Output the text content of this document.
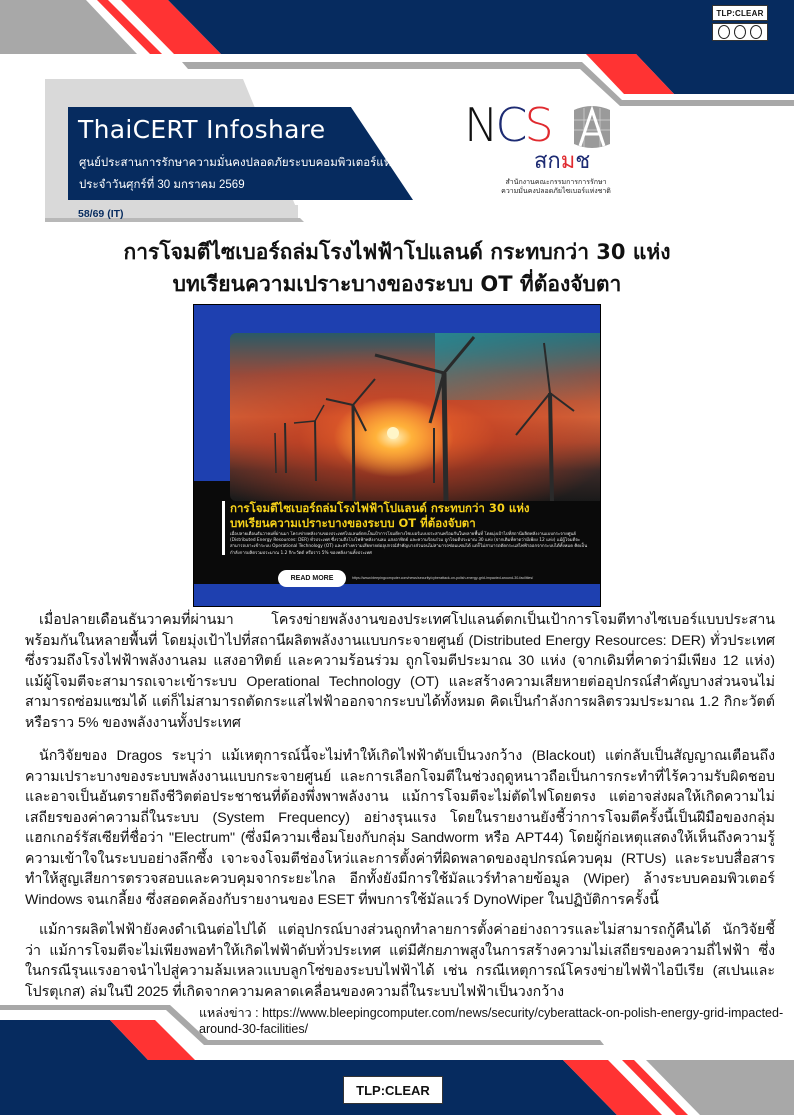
TLP:CLEAR
ThaiCERT Infoshare
ศูนย์ประสานการรักษาความมั่นคงปลอดภัยระบบคอมพิวเตอร์แห่งชาติ
ประจำวันศุกร์ที่ 30 มกราคม 2569
58/69 (IT)
NCS
สกมช
สำนักงานคณะกรรมการการรักษา
ความมั่นคงปลอดภัยไซเบอร์แห่งชาติ
การโจมตีไซเบอร์ถล่มโรงไฟฟ้าโปแลนด์ กระทบกว่า 30 แห่ง
บทเรียนความเปราะบางของระบบ OT ที่ต้องจับตา
การโจมตีไซเบอร์ถล่มโรงไฟฟ้าโปแลนด์ กระทบกว่า 30 แห่ง
บทเรียนความเปราะบางของระบบ OT ที่ต้องจับตา
เมื่อปลายเดือนธันวาคมที่ผ่านมา โครงข่ายพลังงานของประเทศโปแลนด์ตกเป็นเป้าการโจมตีทางไซเบอร์แบบประสานพร้อมกันในหลายพื้นที่ โดยมุ่งเป้าไปที่สถานีผลิตพลังงานแบบกระจายศูนย์ (Distributed Energy Resources: DER) ทั่วประเทศ ซึ่งรวมถึงโรงไฟฟ้าพลังงานลม แสงอาทิตย์ และความร้อนร่วม ถูกโจมตีประมาณ 30 แห่ง (จากเดิมที่คาดว่ามีเพียง 12 แห่ง) แม้ผู้โจมตีจะสามารถเจาะเข้าระบบ Operational Technology (OT) และสร้างความเสียหายต่ออุปกรณ์สำคัญบางส่วนจนไม่สามารถซ่อมแซมได้ แต่ก็ไม่สามารถตัดกระแสไฟฟ้าออกจากระบบได้ทั้งหมด คิดเป็นกำลังการผลิตรวมประมาณ 1.2 กิกะวัตต์ หรือราว 5% ของพลังงานทั้งประเทศ
READ MORE	https://www.bleepingcomputer.com/news/security/cyberattack-on-polish-energy-grid-impacted-around-30-facilities/
เมื่อปลายเดือนธันวาคมที่ผ่านมา โครงข่ายพลังงานของประเทศโปแลนด์ตกเป็นเป้าการโจมตีทางไซเบอร์แบบประสานพร้อมกันในหลายพื้นที่ โดยมุ่งเป้าไปที่สถานีผลิตพลังงานแบบกระจายศูนย์ (Distributed Energy Resources: DER) ทั่วประเทศ ซึ่งรวมถึงโรงไฟฟ้าพลังงานลม แสงอาทิตย์ และความร้อนร่วม ถูกโจมตีประมาณ 30 แห่ง (จากเดิมที่คาดว่ามีเพียง 12 แห่ง) แม้ผู้โจมตีจะสามารถเจาะเข้าระบบ Operational Technology (OT) และสร้างความเสียหายต่ออุปกรณ์สำคัญบางส่วนจนไม่สามารถซ่อมแซมได้ แต่ก็ไม่สามารถตัดกระแสไฟฟ้าออกจากระบบได้ทั้งหมด คิดเป็นกำลังการผลิตรวมประมาณ 1.2 กิกะวัตต์ หรือราว 5% ของพลังงานทั้งประเทศ
นักวิจัยของ Dragos ระบุว่า แม้เหตุการณ์นี้จะไม่ทำให้เกิดไฟฟ้าดับเป็นวงกว้าง (Blackout) แต่กลับเป็นสัญญาณเตือนถึงความเปราะบางของระบบพลังงานแบบกระจายศูนย์ และการเลือกโจมตีในช่วงฤดูหนาวถือเป็นการกระทำที่ไร้ความรับผิดชอบและอาจเป็นอันตรายถึงชีวิตต่อประชาชนที่ต้องพึ่งพาพลังงาน แม้การโจมตีจะไม่ตัดไฟโดยตรง แต่อาจส่งผลให้เกิดความไม่เสถียรของค่าความถี่ในระบบ (System Frequency) อย่างรุนแรง โดยในรายงานยังชี้ว่าการโจมตีครั้งนี้เป็นฝีมือของกลุ่มแฮกเกอร์รัสเซียที่ชื่อว่า "Electrum" (ซึ่งมีความเชื่อมโยงกับกลุ่ม Sandworm หรือ APT44) โดยผู้ก่อเหตุแสดงให้เห็นถึงความรู้ความเข้าใจในระบบอย่างลึกซึ้ง เจาะจงโจมตีช่องโหว่และการตั้งค่าที่ผิดพลาดของอุปกรณ์ควบคุม (RTUs) และระบบสื่อสาร ทำให้สูญเสียการตรวจสอบและควบคุมจากระยะไกล อีกทั้งยังมีการใช้มัลแวร์ทำลายข้อมูล (Wiper) ล้างระบบคอมพิวเตอร์ Windows จนเกลี้ยง ซึ่งสอดคล้องกับรายงานของ ESET ที่พบการใช้มัลแวร์ DynoWiper ในปฏิบัติการครั้งนี้
แม้การผลิตไฟฟ้ายังคงดำเนินต่อไปได้ แต่อุปกรณ์บางส่วนถูกทำลายการตั้งค่าอย่างถาวรและไม่สามารถกู้คืนได้ นักวิจัยชี้ว่า แม้การโจมตีจะไม่เพียงพอทำให้เกิดไฟฟ้าดับทั่วประเทศ แต่มีศักยภาพสูงในการสร้างความไม่เสถียรของความถี่ไฟฟ้า ซึ่งในกรณีรุนแรงอาจนำไปสู่ความล้มเหลวแบบลูกโซ่ของระบบไฟฟ้าได้ เช่น กรณีเหตุการณ์โครงข่ายไฟฟ้าไอบีเรีย (สเปนและโปรตุเกส) ล่มในปี 2025 ที่เกิดจากความคลาดเคลื่อนของความถี่ในระบบไฟฟ้าเป็นวงกว้าง
แหล่งข่าว : https://www.bleepingcomputer.com/news/security/cyberattack-on-polish-energy-grid-impacted-around-30-facilities/
TLP:CLEAR
